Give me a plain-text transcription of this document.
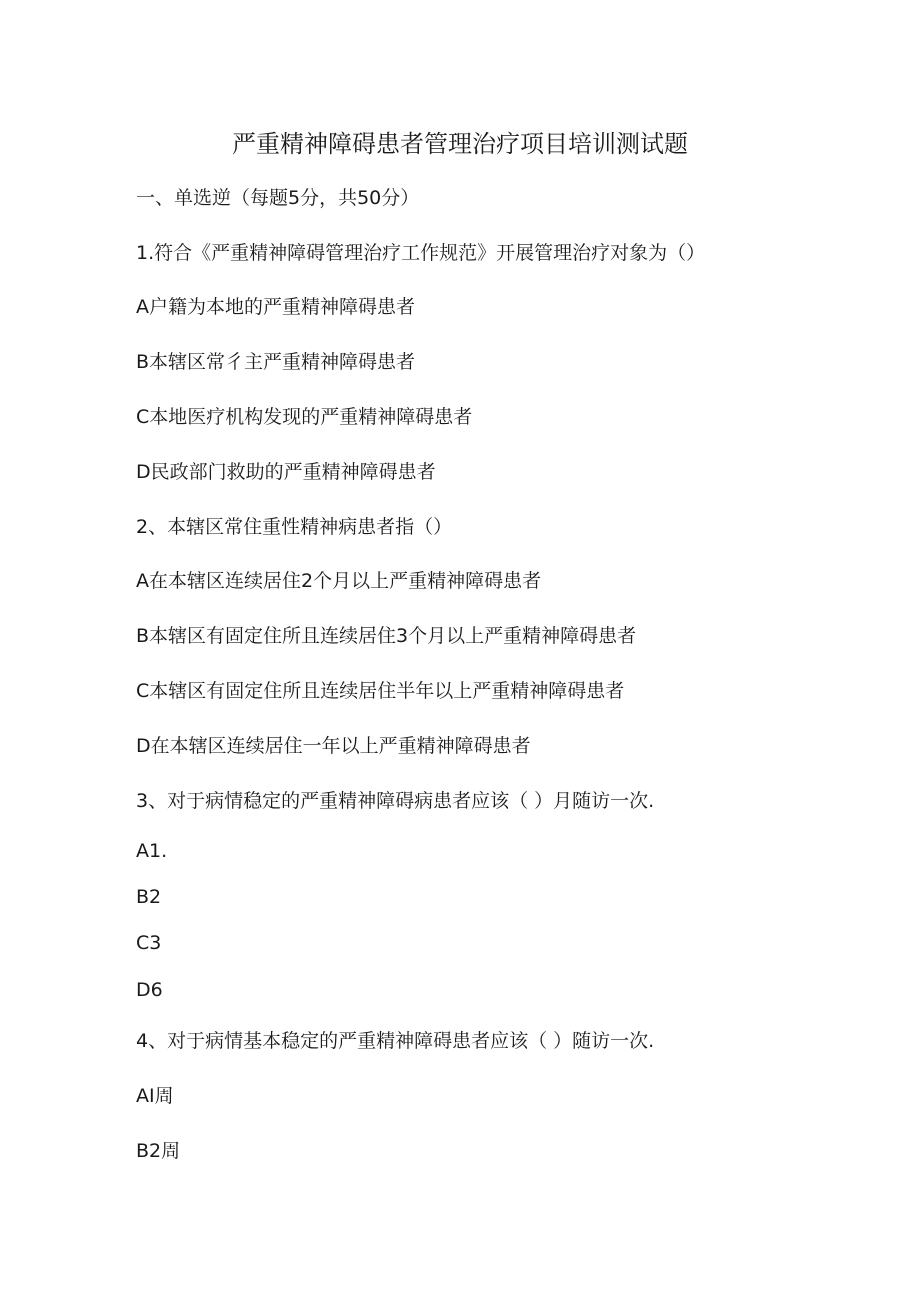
严重精神障碍患者管理治疗项目培训测试题
一、单选逆（每题5分，共50分）
1.符合《严重精神障碍管理治疗工作规范》开展管理治疗对象为（）
A户籍为本地的严重精神障碍患者
B本辖区常彳主严重精神障碍患者
C本地医疗机构发现的严重精神障碍患者
D民政部门救助的严重精神障碍患者
2、本辖区常住重性精神病患者指（）
A在本辖区连续居住2个月以上严重精神障碍患者
B本辖区有固定住所且连续居住3个月以上严重精神障碍患者
C本辖区有固定住所且连续居住半年以上严重精神障碍患者
D在本辖区连续居住一年以上严重精神障碍患者
3、对于病情稳定的严重精神障碍病患者应该（ ）月随访一次.
A1.
B2
C3
D6
4、对于病情基本稳定的严重精神障碍患者应该（ ）随访一次.
AI周
B2周
